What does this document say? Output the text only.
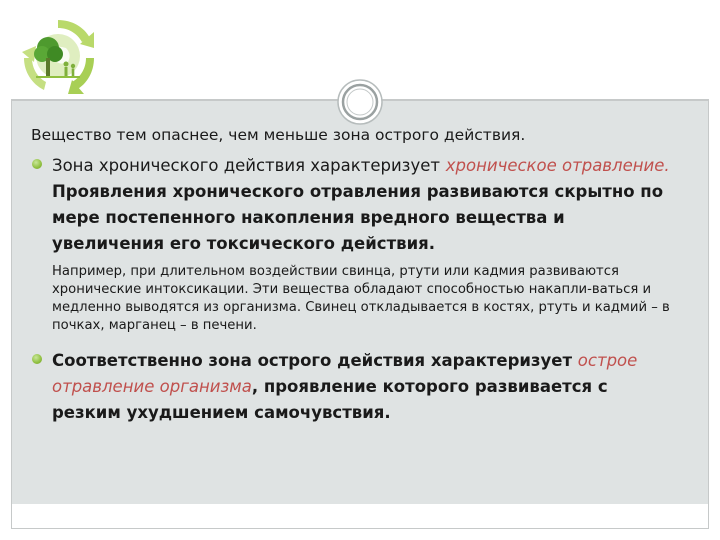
Вещество тем опаснее, чем меньше зона острого действия.

Зона хронического действия характеризует хроническое отравление. Проявления хронического отравления развиваются скрытно по мере постепенного накопления вредного вещества и увеличения его токсического действия.

Например, при длительном воздействии свинца, ртути или кадмия развиваются хронические интоксикации. Эти вещества обладают способностью накапли-ваться и медленно выводятся из организма. Свинец откладывается в костях, ртуть и кадмий – в почках, марганец – в печени.

Соответственно зона острого действия характеризует острое отравление организма, проявление которого развивается с резким ухудшением самочувствия.
